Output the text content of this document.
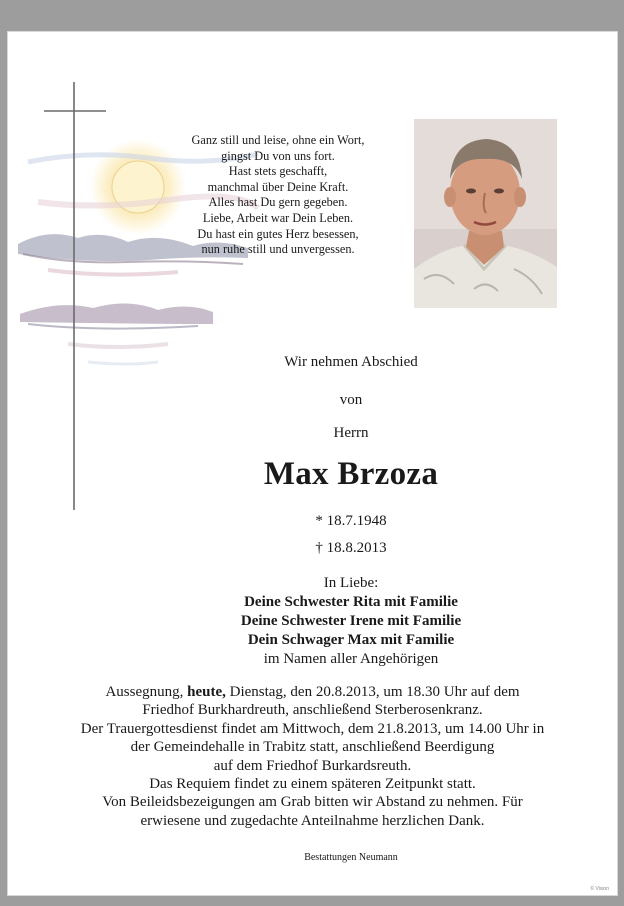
Ganz still und leise, ohne ein Wort,
gingst Du von uns fort.
Hast stets geschafft,
manchmal über Deine Kraft.
Alles hast Du gern gegeben.
Liebe, Arbeit war Dein Leben.
Du hast ein gutes Herz besessen,
nun ruhe still und unvergessen.
Wir nehmen Abschied
von
Herrn
Max Brzoza
* 18.7.1948
† 18.8.2013
In Liebe:
Deine Schwester Rita mit Familie
Deine Schwester Irene mit Familie
Dein Schwager Max mit Familie
im Namen aller Angehörigen
Aussegnung, heute, Dienstag, den 20.8.2013, um 18.30 Uhr auf dem
Friedhof Burkhardreuth, anschließend Sterberosenkranz.
Der Trauergottesdienst findet am Mittwoch, dem 21.8.2013, um 14.00 Uhr in
der Gemeindehalle in Trabitz statt, anschließend Beerdigung
auf dem Friedhof Burkardsreuth.
Das Requiem findet zu einem späteren Zeitpunkt statt.
Von Beileidsbezeigungen am Grab bitten wir Abstand zu nehmen. Für
erwiesene und zugedachte Anteilnahme herzlichen Dank.
Bestattungen Neumann
© Vision
